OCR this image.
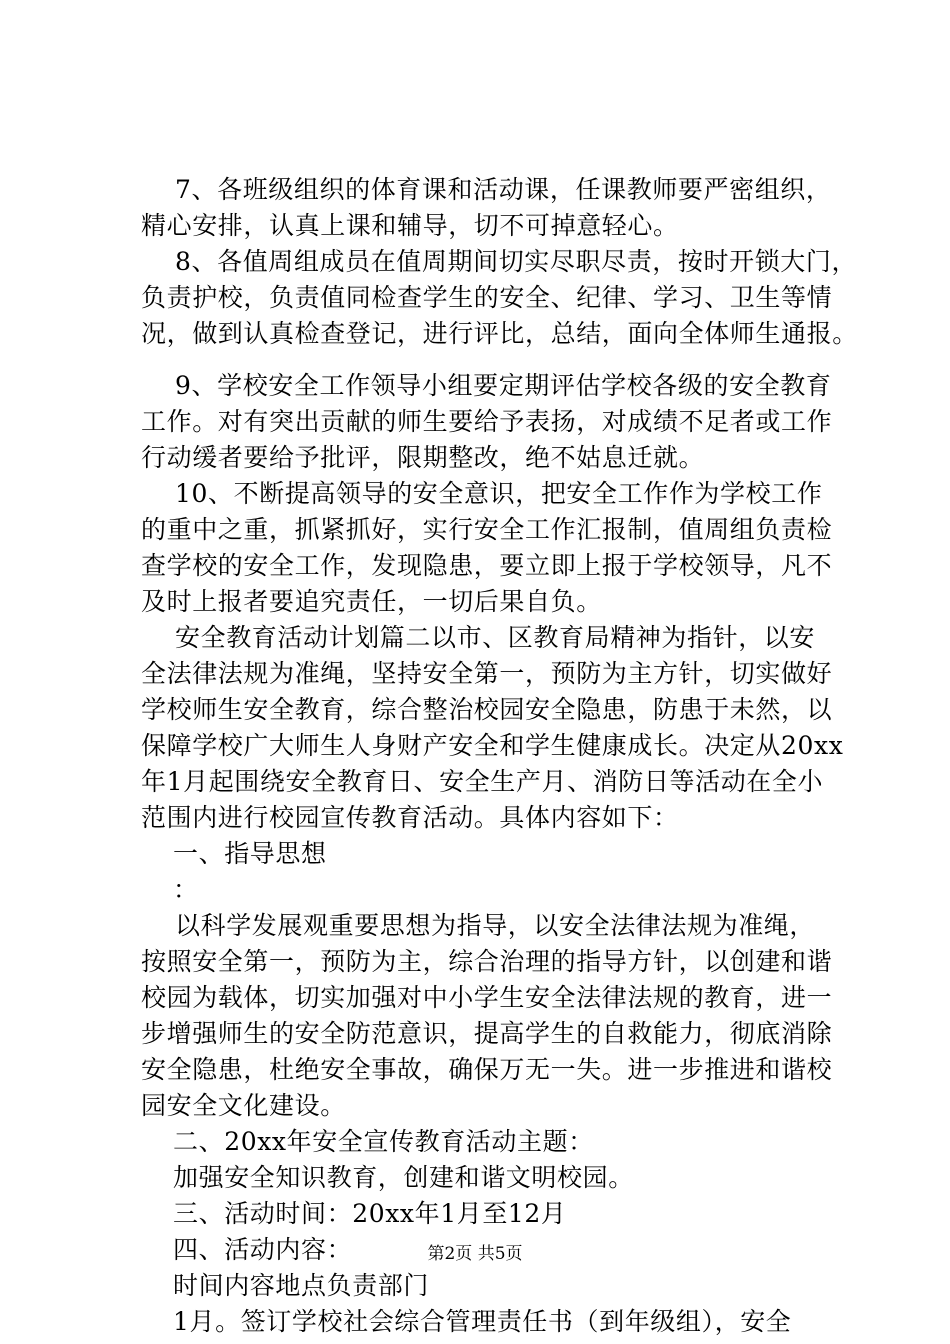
7、各班级组织的体育课和活动课，任课教师要严密组织，
精心安排，认真上课和辅导，切不可掉意轻心。
8、各值周组成员在值周期间切实尽职尽责，按时开锁大门，
负责护校，负责值同检查学生的安全、纪律、学习、卫生等情
况，做到认真检查登记，进行评比，总结，面向全体师生通报。
9、学校安全工作领导小组要定期评估学校各级的安全教育
工作。对有突出贡献的师生要给予表扬，对成绩不足者或工作
行动缓者要给予批评，限期整改，绝不姑息迁就。
10、不断提高领导的安全意识，把安全工作作为学校工作
的重中之重，抓紧抓好，实行安全工作汇报制，值周组负责检
查学校的安全工作，发现隐患，要立即上报于学校领导，凡不
及时上报者要追究责任，一切后果自负。
安全教育活动计划篇二以市、区教育局精神为指针，以安
全法律法规为准绳，坚持安全第一，预防为主方针，切实做好
学校师生安全教育，综合整治校园安全隐患，防患于未然，以
保障学校广大师生人身财产安全和学生健康成长。决定从20xx
年1月起围绕安全教育日、安全生产月、消防日等活动在全小
范围内进行校园宣传教育活动。具体内容如下：
一、指导思想
：
以科学发展观重要思想为指导，以安全法律法规为准绳，
按照安全第一，预防为主，综合治理的指导方针，以创建和谐
校园为载体，切实加强对中小学生安全法律法规的教育，进一
步增强师生的安全防范意识，提高学生的自救能力，彻底消除
安全隐患，杜绝安全事故，确保万无一失。进一步推进和谐校
园安全文化建设。
二、20xx年安全宣传教育活动主题：
加强安全知识教育，创建和谐文明校园。
三、活动时间：20xx年1月至12月
四、活动内容：
时间内容地点负责部门
1月。签订学校社会综合管理责任书（到年级组），安全
第2页 共5页
